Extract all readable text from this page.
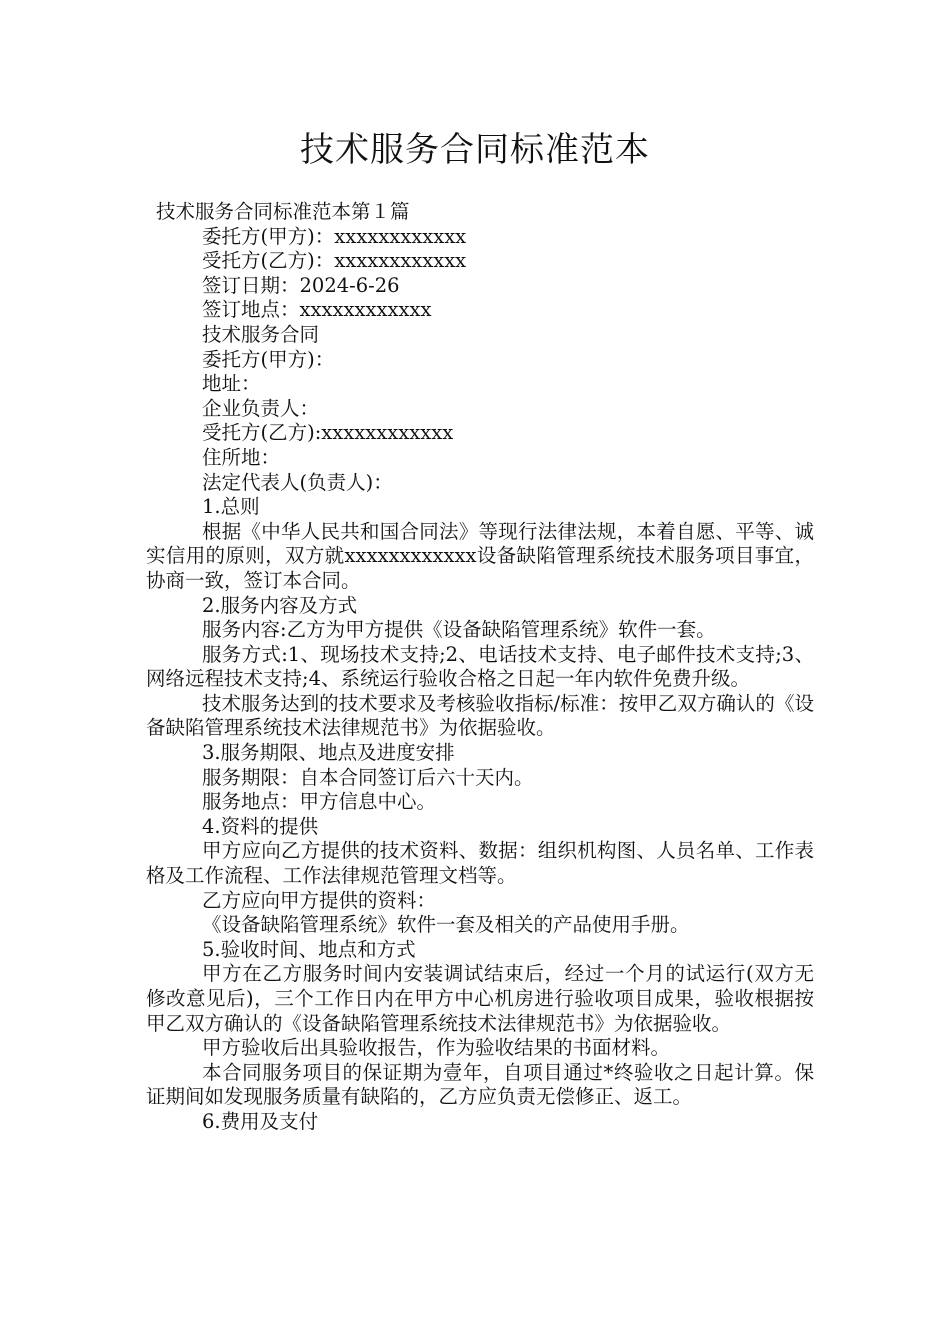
技术服务合同标准范本
技术服务合同标准范本第１篇
委托方(甲方)：xxxxxxxxxxxx
受托方(乙方)：xxxxxxxxxxxx
签订日期：2024-6-26
签订地点：xxxxxxxxxxxx
技术服务合同
委托方(甲方)：
地址：
企业负责人：
受托方(乙方):xxxxxxxxxxxx
住所地：
法定代表人(负责人)：
1.总则
根据《中华人民共和国合同法》等现行法律法规，本着自愿、平等、诚实信用的原则，双方就xxxxxxxxxxxx设备缺陷管理系统技术服务项目事宜，协商一致，签订本合同。
2.服务内容及方式
服务内容:乙方为甲方提供《设备缺陷管理系统》软件一套。
服务方式:1、现场技术支持;2、电话技术支持、电子邮件技术支持;3、网络远程技术支持;4、系统运行验收合格之日起一年内软件免费升级。
技术服务达到的技术要求及考核验收指标/标准：按甲乙双方确认的《设备缺陷管理系统技术法律规范书》为依据验收。
3.服务期限、地点及进度安排
服务期限：自本合同签订后六十天内。
服务地点：甲方信息中心。
4.资料的提供
甲方应向乙方提供的技术资料、数据：组织机构图、人员名单、工作表格及工作流程、工作法律规范管理文档等。
乙方应向甲方提供的资料：
《设备缺陷管理系统》软件一套及相关的产品使用手册。
5.验收时间、地点和方式
甲方在乙方服务时间内安装调试结束后，经过一个月的试运行(双方无修改意见后)，三个工作日内在甲方中心机房进行验收项目成果，验收根据按甲乙双方确认的《设备缺陷管理系统技术法律规范书》为依据验收。
甲方验收后出具验收报告，作为验收结果的书面材料。
本合同服务项目的保证期为壹年，自项目通过*终验收之日起计算。保证期间如发现服务质量有缺陷的，乙方应负责无偿修正、返工。
6.费用及支付
